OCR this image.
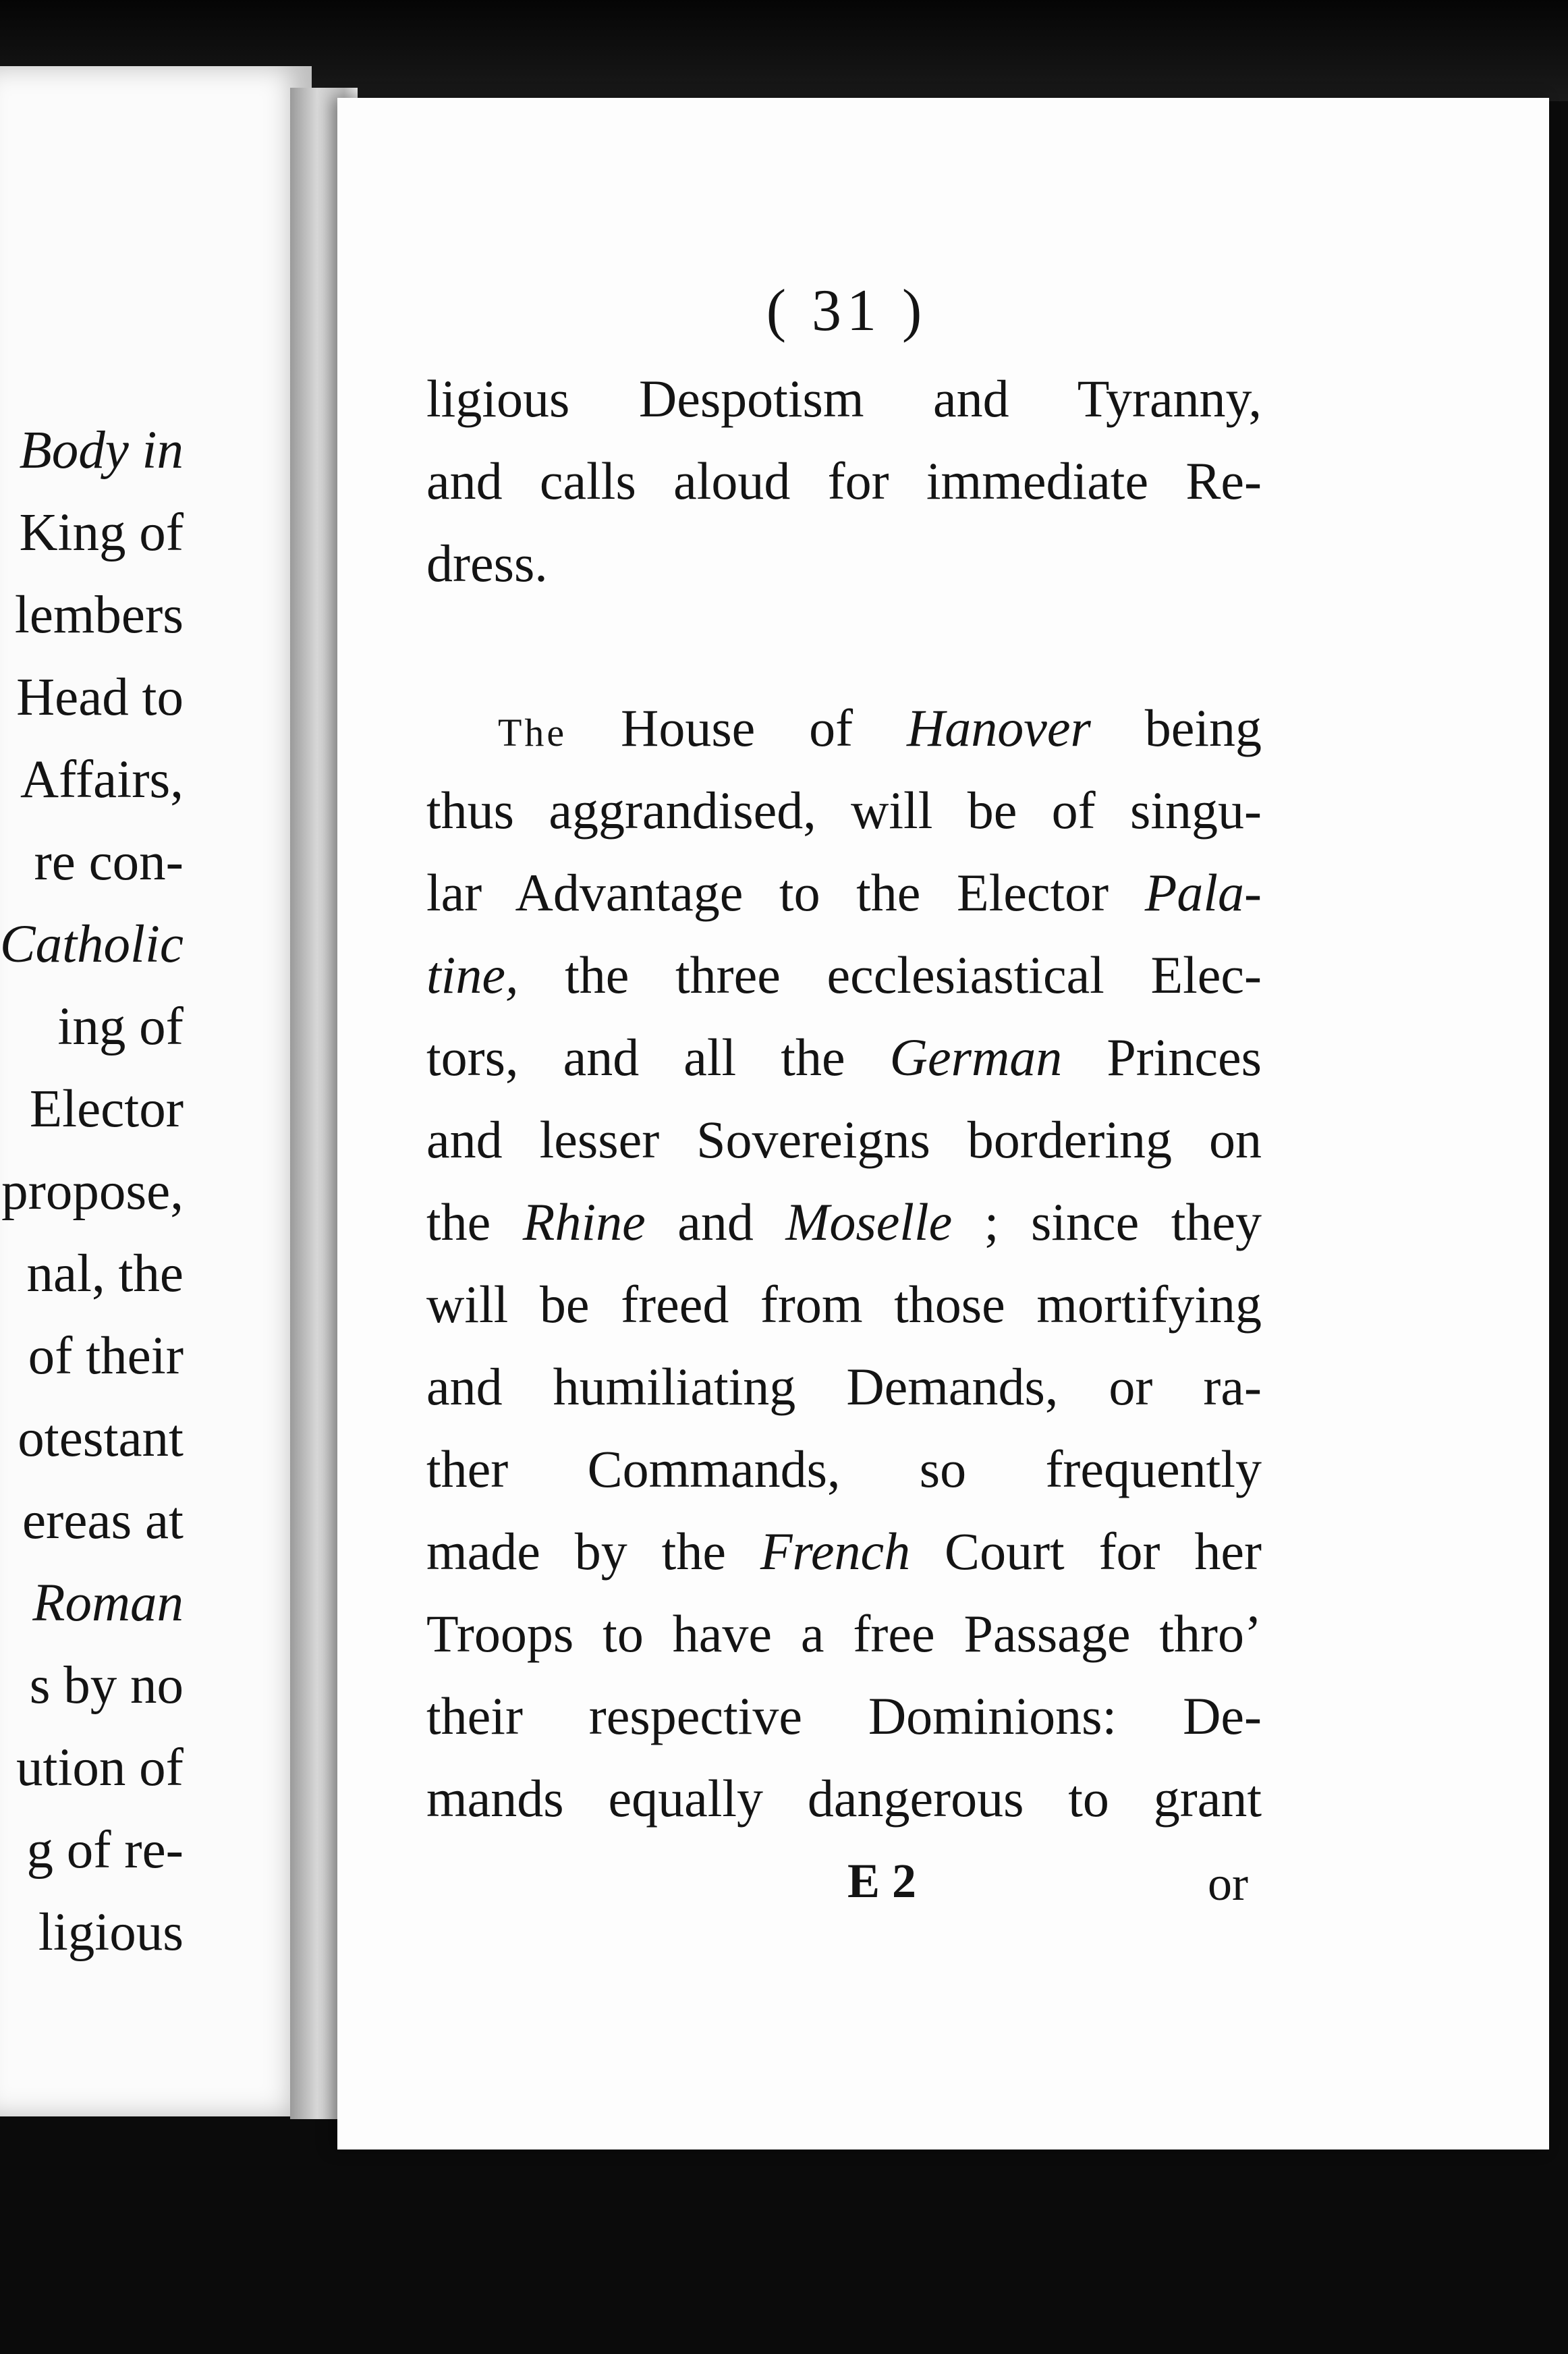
Body in
King of
lembers
Head to
Affairs,
re con-
Catholic
ing of
Elector
propose,
nal, the
of their
otestant
ereas at
Roman
s by no
ution of
g of re-
ligious
( 31 )
ligious Despotism and Tyranny,
and calls aloud for immediate Re-
dress.
The House of Hanover being
thus aggrandised, will be of singu-
lar Advantage to the Elector Pala-
tine, the three ecclesiastical Elec-
tors, and all the German Princes
and lesser Sovereigns bordering on
the Rhine and Moselle ; since they
will be freed from those mortifying
and humiliating Demands, or ra-
ther Commands, so frequently
made by the French Court for her
Troops to have a free Passage thro’
their respective Dominions: De-
mands equally dangerous to grant
E 2	or
